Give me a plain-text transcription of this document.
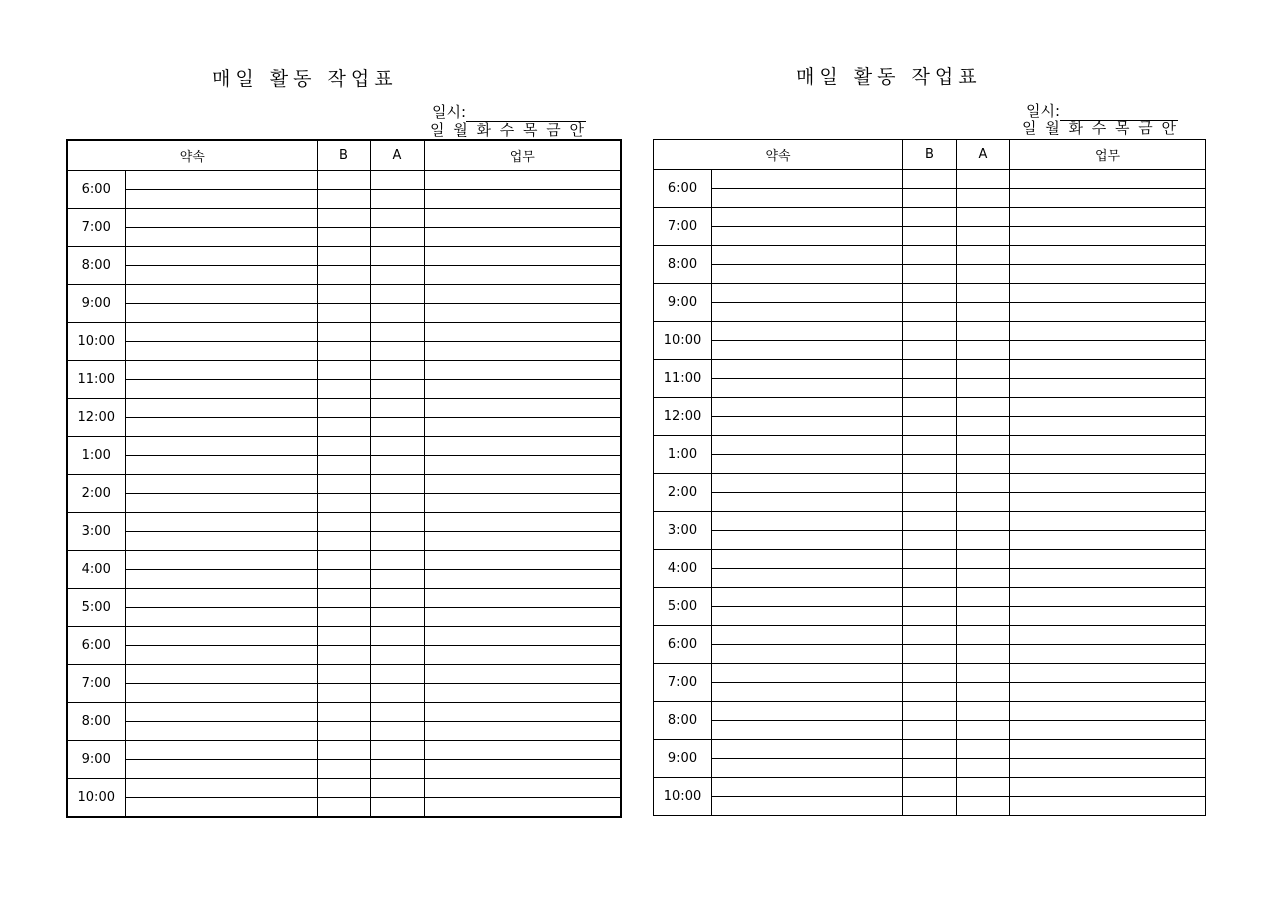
매일 활동 작업표
일시:
일 월 화 수 목 금 안
약속		B	A	업무
6:00				

7:00				

8:00				

9:00				

10:00				

11:00				

12:00				

1:00				

2:00				

3:00				

4:00				

5:00				

6:00				

7:00				

8:00				

9:00				

10:00				

매일 활동 작업표
일시:
일 월 화 수 목 금 안
약속		B	A	업무
6:00				

7:00				

8:00				

9:00				

10:00				

11:00				

12:00				

1:00				

2:00				

3:00				

4:00				

5:00				

6:00				

7:00				

8:00				

9:00				

10:00				
